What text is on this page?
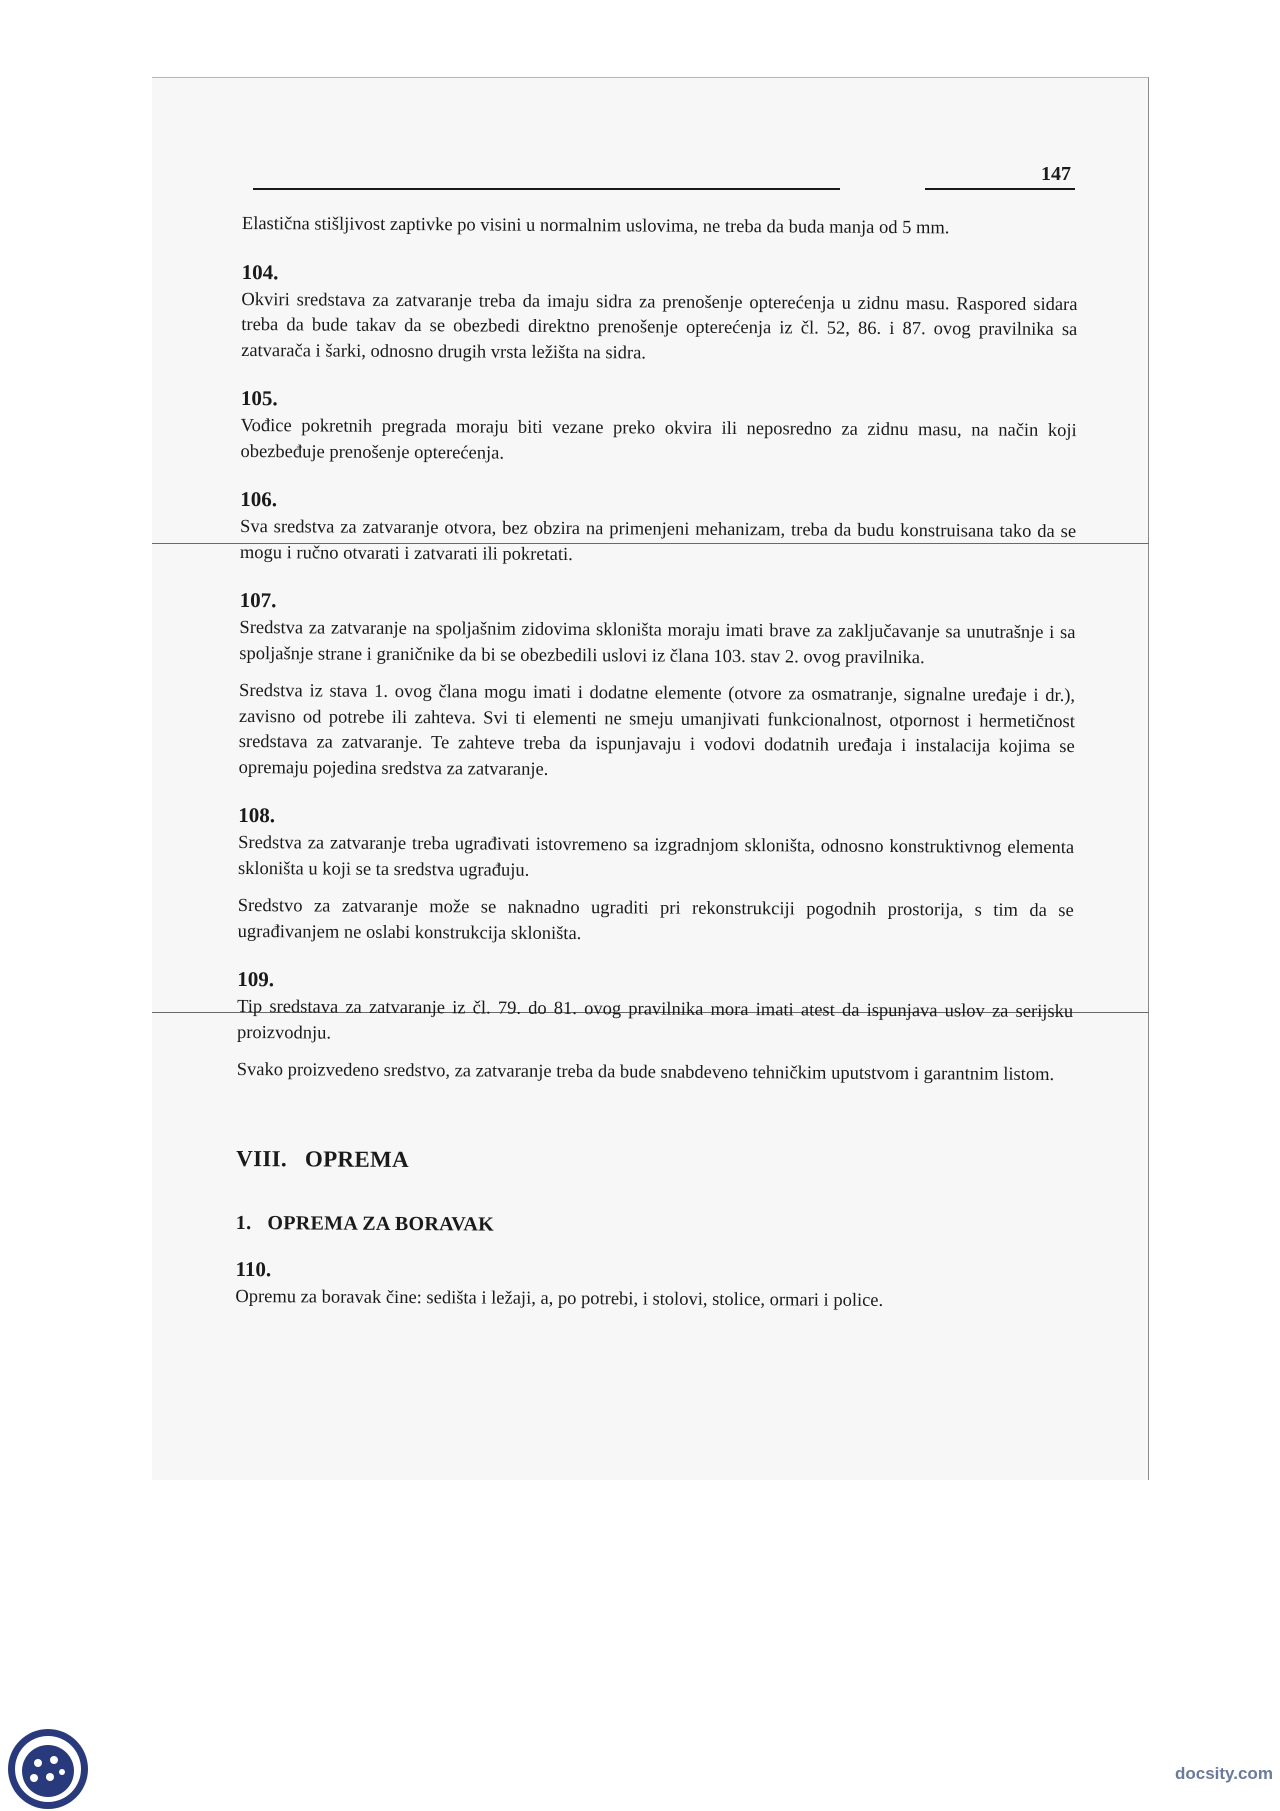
147

Elastična stišljivost zaptivke po visini u normalnim uslovima, ne treba da buda manja od 5 mm.

104.

Okviri sredstava za zatvaranje treba da imaju sidra za prenošenje opterećenja u zidnu masu. Raspored sidara treba da bude takav da se obezbedi direktno prenošenje opterećenja iz čl. 52, 86. i 87. ovog pravilnika sa zatvarača i šarki, odnosno drugih vrsta ležišta na sidra.

105.

Vođice pokretnih pregrada moraju biti vezane preko okvira ili neposredno za zidnu masu, na način koji obezbeđuje prenošenje opterećenja.

106.

Sva sredstva za zatvaranje otvora, bez obzira na primenjeni mehanizam, treba da budu konstruisana tako da se mogu i ručno otvarati i zatvarati ili pokretati.

107.

Sredstva za zatvaranje na spoljašnim zidovima skloništa moraju imati brave za zaključavanje sa unutrašnje i sa spoljašnje strane i graničnike da bi se obezbedili uslovi iz člana 103. stav 2. ovog pravilnika.

Sredstva iz stava 1. ovog člana mogu imati i dodatne elemente (otvore za osmatranje, signalne uređaje i dr.), zavisno od potrebe ili zahteva. Svi ti elementi ne smeju umanjivati funkcionalnost, otpornost i hermetičnost sredstava za zatvaranje. Te zahteve treba da ispunjavaju i vodovi dodatnih uređaja i instalacija kojima se opremaju pojedina sredstva za zatvaranje.

108.

Sredstva za zatvaranje treba ugrađivati istovremeno sa izgradnjom skloništa, odnosno konstruktivnog elementa skloništa u koji se ta sredstva ugrađuju.

Sredstvo za zatvaranje može se naknadno ugraditi pri rekonstrukciji pogodnih prostorija, s tim da se ugrađivanjem ne oslabi konstrukcija skloništa.

109.

Tip sredstava za zatvaranje iz čl. 79. do 81. ovog pravilnika mora imati atest da ispunjava uslov za serijsku proizvodnju.

Svako proizvedeno sredstvo, za zatvaranje treba da bude snabdeveno tehničkim uputstvom i garantnim listom.

VIII. OPREMA
1. OPREMA ZA BORAVAK
110.

Opremu za boravak čine: sedišta i ležaji, a, po potrebi, i stolovi, stolice, ormari i police.

docsity.com
